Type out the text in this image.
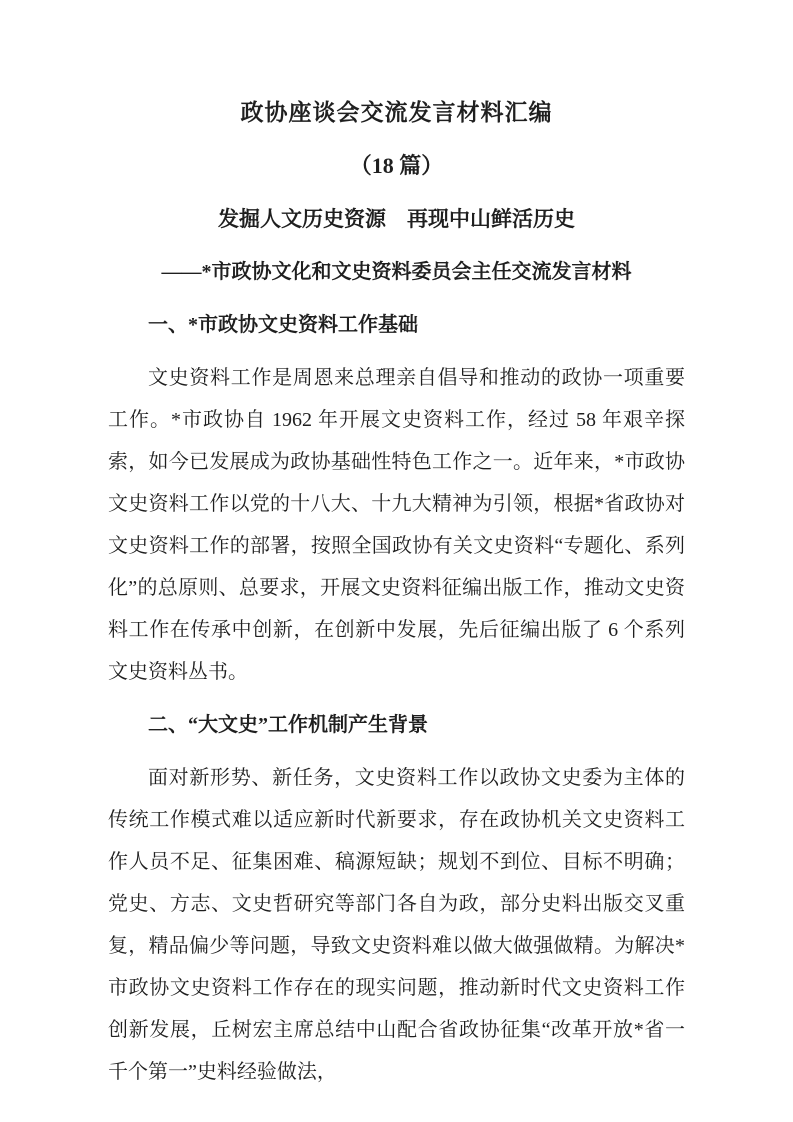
政协座谈会交流发言材料汇编

（18 篇）

发掘人文历史资源　再现中山鲜活历史
——*市政协文化和文史资料委员会主任交流发言材料
一、*市政协文史资料工作基础

文史资料工作是周恩来总理亲自倡导和推动的政协一项重要工作。*市政协自 1962 年开展文史资料工作，经过 58 年艰辛探索，如今已发展成为政协基础性特色工作之一。近年来，*市政协文史资料工作以党的十八大、十九大精神为引领，根据*省政协对文史资料工作的部署，按照全国政协有关文史资料“专题化、系列化”的总原则、总要求，开展文史资料征编出版工作，推动文史资料工作在传承中创新，在创新中发展，先后征编出版了 6 个系列文史资料丛书。

二、“大文史”工作机制产生背景

面对新形势、新任务，文史资料工作以政协文史委为主体的传统工作模式难以适应新时代新要求，存在政协机关文史资料工作人员不足、征集困难、稿源短缺；规划不到位、目标不明确；党史、方志、文史哲研究等部门各自为政，部分史料出版交叉重复，精品偏少等问题，导致文史资料难以做大做强做精。为解决*市政协文史资料工作存在的现实问题，推动新时代文史资料工作创新发展，丘树宏主席总结中山配合省政协征集“改革开放*省一千个第一”史料经验做法，
